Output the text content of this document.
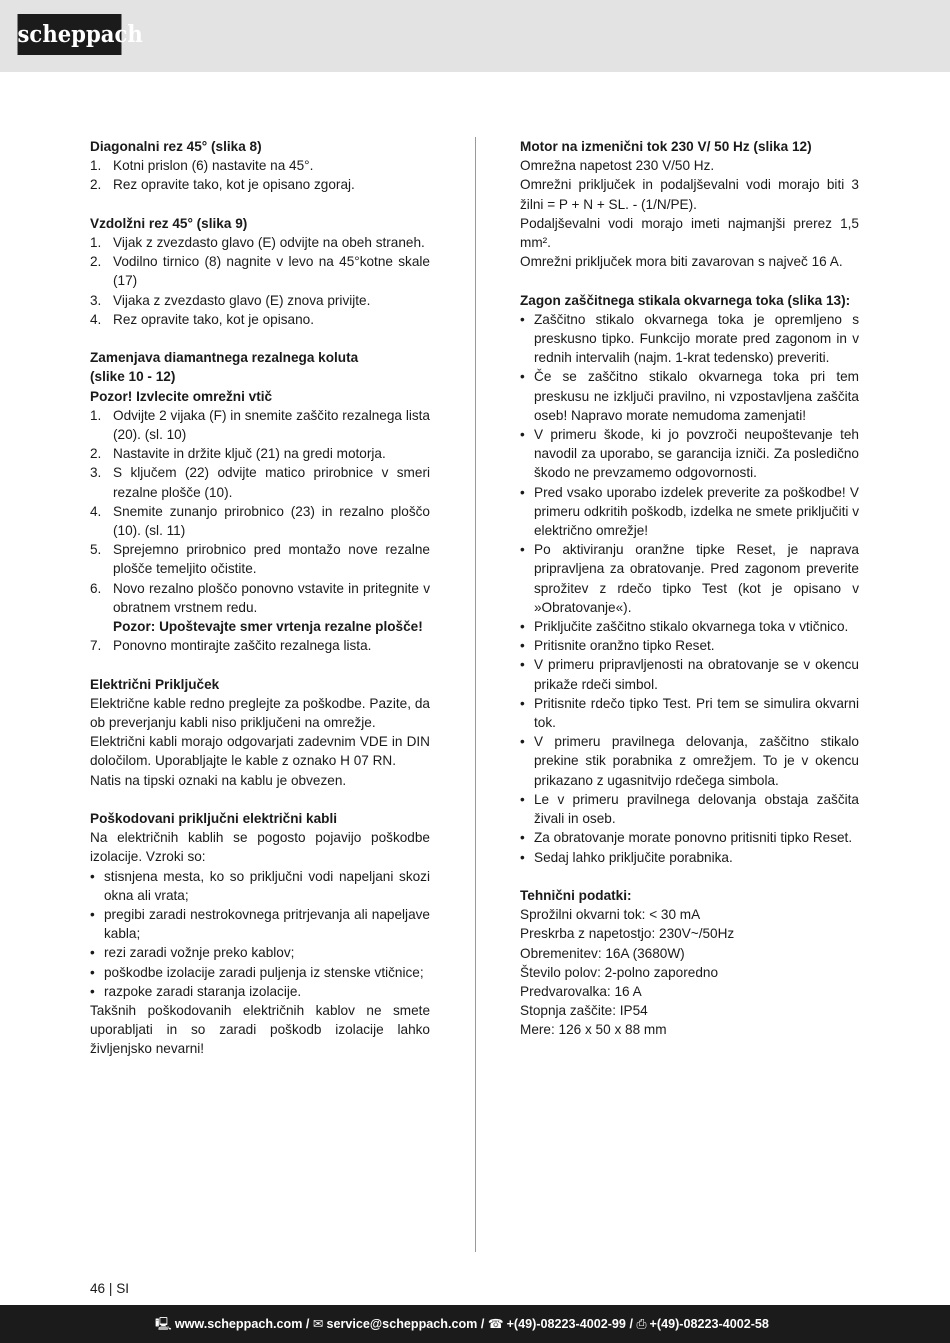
scheppach
Diagonalni rez 45° (slika 8)
1. Kotni prislon (6) nastavite na 45°.
2. Rez opravite tako, kot je opisano zgoraj.
Vzdolžni rez 45° (slika 9)
1. Vijak z zvezdasto glavo (E) odvijte na obeh straneh.
2. Vodilno tirnico (8) nagnite v levo na 45°kotne skale (17)
3. Vijaka z zvezdasto glavo (E) znova privijte.
4. Rez opravite tako, kot je opisano.
Zamenjava diamantnega rezalnega koluta
(slike 10 - 12)
Pozor! Izvlecite omrežni vtič
1. Odvijte 2 vijaka (F) in snemite zaščito rezalnega lista (20). (sl. 10)
2. Nastavite in držite ključ (21) na gredi motorja.
3. S ključem (22) odvijte matico prirobnice v smeri rezalne plošče (10).
4. Snemite zunanjo prirobnico (23) in rezalno ploščo (10). (sl. 11)
5. Sprejemno prirobnico pred montažo nove rezalne plošče temeljito očistite.
6. Novo rezalno ploščo ponovno vstavite in pritegnite v obratnem vrstnem redu.
Pozor: Upoštevajte smer vrtenja rezalne plošče!
7. Ponovno montirajte zaščito rezalnega lista.
Električni Priključek

Električne kable redno preglejte za poškodbe. Pazite, da ob preverjanju kabli niso priključeni na omrežje.

Električni kabli morajo odgovarjati zadevnim VDE in DIN določilom. Uporabljajte le kable z oznako H 07 RN.

Natis na tipski oznaki na kablu je obvezen.

Poškodovani priključni električni kabli

Na električnih kablih se pogosto pojavijo poškodbe izolacije. Vzroki so:

• stisnjena mesta, ko so priključni vodi napeljani skozi okna ali vrata;
• pregibi zaradi nestrokovnega pritrjevanja ali napeljave kabla;
• rezi zaradi vožnje preko kablov;
• poškodbe izolacije zaradi puljenja iz stenske vtičnice;
• razpoke zaradi staranja izolacije.

Takšnih poškodovanih električnih kablov ne smete uporabljati in so zaradi poškodb izolacije lahko življenjsko nevarni!

Motor na izmenični tok 230 V/ 50 Hz (slika 12)

Omrežna napetost 230 V/50 Hz.

Omrežni priključek in podaljševalni vodi morajo biti 3 žilni = P + N + SL. - (1/N/PE).

Podaljševalni vodi morajo imeti najmanjši prerez 1,5 mm².

Omrežni priključek mora biti zavarovan s največ 16 A.

Zagon zaščitnega stikala okvarnega toka (slika 13):
• Zaščitno stikalo okvarnega toka je opremljeno s preskusno tipko. Funkcijo morate pred zagonom in v rednih intervalih (najm. 1-krat tedensko) preveriti.
• Če se zaščitno stikalo okvarnega toka pri tem preskusu ne izklјuči pravilno, ni vzpostavljena zaščita oseb! Napravo morate nemudoma zamenjati!
• V primeru škode, ki jo povzroči neupoštevanje teh navodil za uporabo, se garancija izniči. Za posledično škodo ne prevzamemo odgovornosti.
• Pred vsako uporabo izdelek preverite za poškodbe! V primeru odkritih poškodb, izdelka ne smete priključiti v električno omrežje!
• Po aktiviranju oranžne tipke Reset, je naprava pripravljena za obratovanje. Pred zagonom preverite sprožitev z rdečo tipko Test (kot je opisano v »Obratovanje«).
• Priključite zaščitno stikalo okvarnega toka v vtičnico.
• Pritisnite oranžno tipko Reset.
• V primeru pripravljenosti na obratovanje se v okencu prikaže rdeči simbol.
• Pritisnite rdečo tipko Test. Pri tem se simulira okvarni tok.
• V primeru pravilnega delovanja, zaščitno stikalo prekine stik porabnika z omrežjem. To je v okencu prikazano z ugasnitvijo rdečega simbola.
• Le v primeru pravilnega delovanja obstaja zaščita živali in oseb.
• Za obratovanje morate ponovno pritisniti tipko Reset.
• Sedaj lahko priključite porabnika.
Tehnični podatki:

Sprožilni okvarni tok: < 30 mA

Preskrba z napetostjo: 230V~/50Hz

Obremenitev: 16A (3680W)

Število polov: 2-polno zaporedno

Predvarovalka: 16 A

Stopnja zaščite: IP54

Mere: 126 x 50 x 88 mm

46 | SI
🖳 www.scheppach.com / ✉ service@scheppach.com / ☎ +(49)-08223-4002-99 / ⎙ +(49)-08223-4002-58
